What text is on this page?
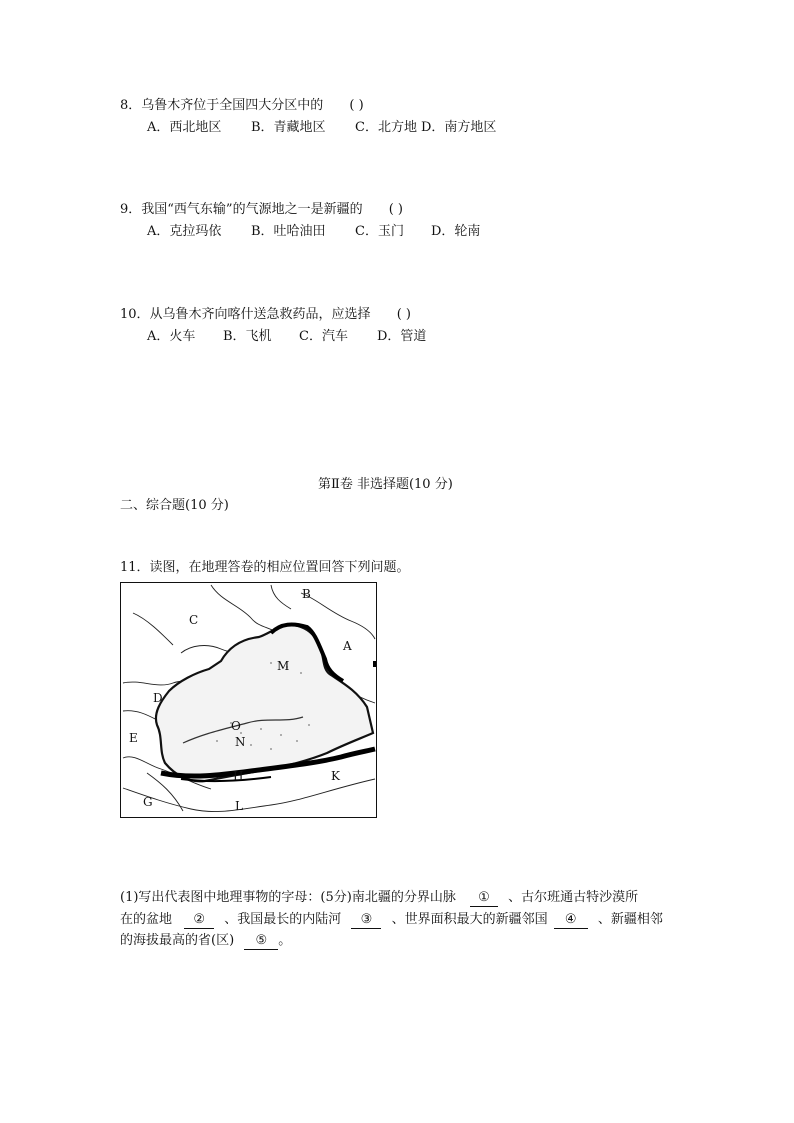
8．乌鲁木齐位于全国四大分区中的 ( )
A．西北地区 B．青藏地区 C．北方地 D．南方地区
9．我国“西气东输”的气源地之一是新疆的 ( )
A．克拉玛依 B．吐哈油田 C．玉门 D．轮南
10．从乌鲁木齐向喀什送急救药品，应选择 ( )
A．火车 B．飞机 C．汽车 D．管道
第Ⅱ卷 非选择题(10 分)
二、综合题(10 分)
11．读图，在地理答卷的相应位置回答下列问题。
B
C
A
M
D
O
E	N
H	K
G	L
(1)写出代表图中地理事物的字母：(5分)南北疆的分界山脉 ① 、古尔班通古特沙漠所
在的盆地 ② 、我国最长的内陆河 ③ 、世界面积最大的新疆邻国 ④ 、新疆相邻
的海拔最高的省(区) ⑤ 。
